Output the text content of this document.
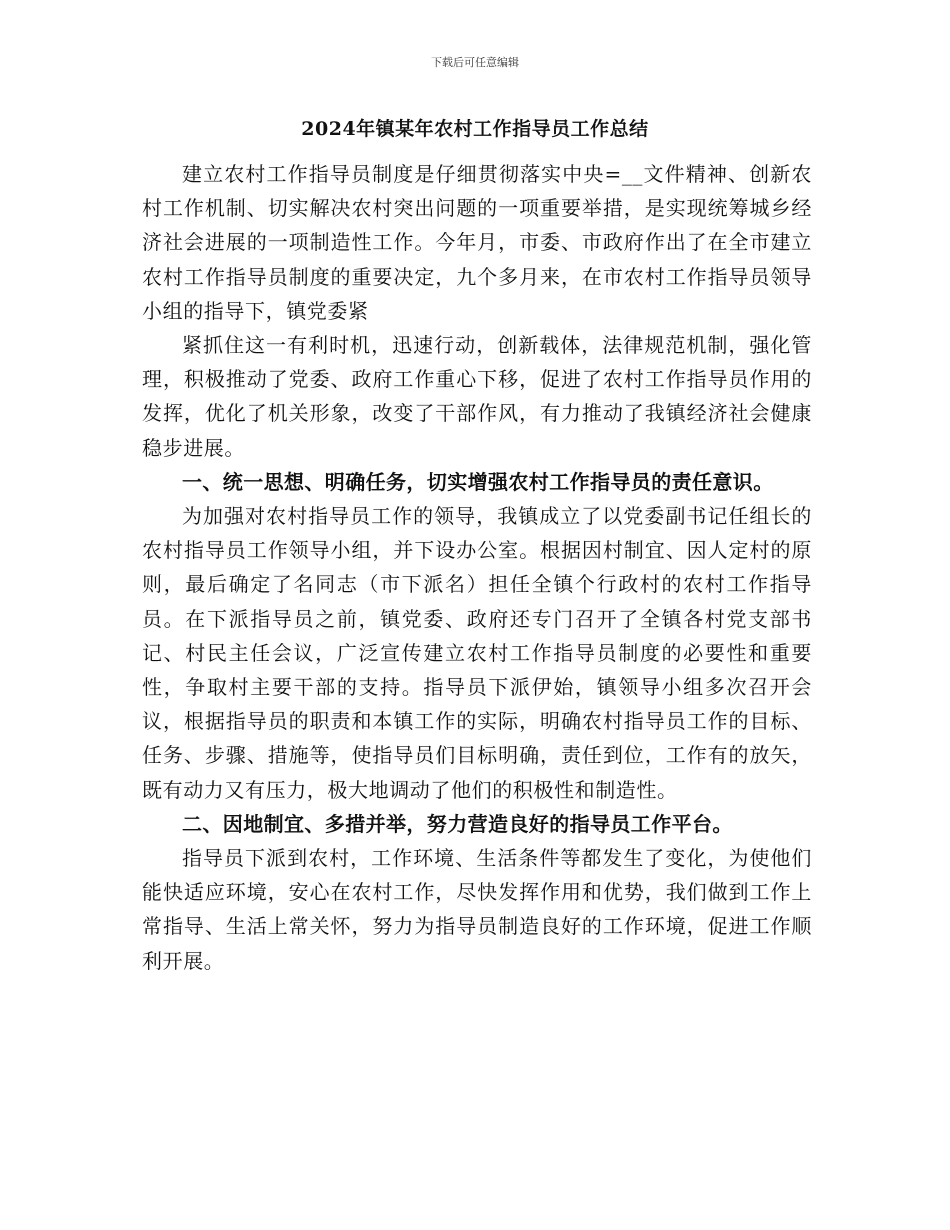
下载后可任意编辑
2024年镇某年农村工作指导员工作总结

建立农村工作指导员制度是仔细贯彻落实中央=__文件精神、创新农村工作机制、切实解决农村突出问题的一项重要举措，是实现统筹城乡经济社会进展的一项制造性工作。今年月，市委、市政府作出了在全市建立农村工作指导员制度的重要决定，九个多月来，在市农村工作指导员领导小组的指导下，镇党委紧

紧抓住这一有利时机，迅速行动，创新载体，法律规范机制，强化管理，积极推动了党委、政府工作重心下移，促进了农村工作指导员作用的发挥，优化了机关形象，改变了干部作风，有力推动了我镇经济社会健康稳步进展。

一、统一思想、明确任务，切实增强农村工作指导员的责任意识。

为加强对农村指导员工作的领导，我镇成立了以党委副书记任组长的农村指导员工作领导小组，并下设办公室。根据因村制宜、因人定村的原则，最后确定了名同志（市下派名）担任全镇个行政村的农村工作指导员。在下派指导员之前，镇党委、政府还专门召开了全镇各村党支部书记、村民主任会议，广泛宣传建立农村工作指导员制度的必要性和重要性，争取村主要干部的支持。指导员下派伊始，镇领导小组多次召开会议，根据指导员的职责和本镇工作的实际，明确农村指导员工作的目标、任务、步骤、措施等，使指导员们目标明确，责任到位，工作有的放矢，既有动力又有压力，极大地调动了他们的积极性和制造性。

二、因地制宜、多措并举，努力营造良好的指导员工作平台。

指导员下派到农村，工作环境、生活条件等都发生了变化，为使他们能快适应环境，安心在农村工作，尽快发挥作用和优势，我们做到工作上常指导、生活上常关怀，努力为指导员制造良好的工作环境，促进工作顺利开展。
